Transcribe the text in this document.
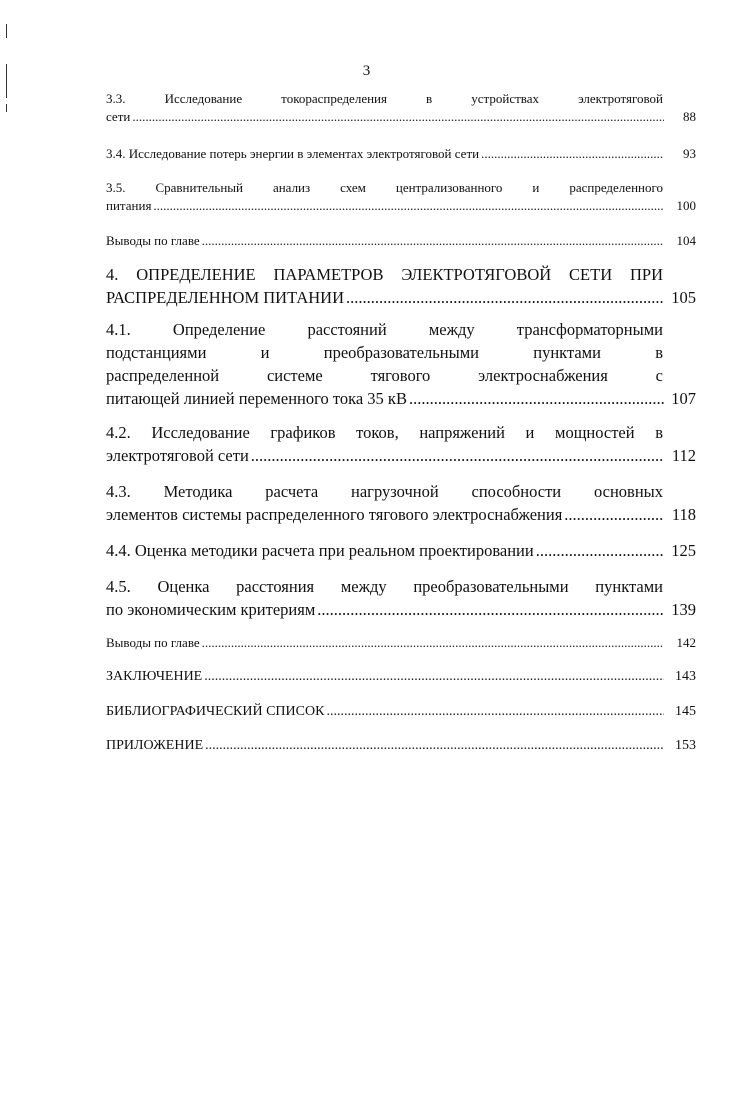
3
3.3. Исследование токораспределения в устройствах электротяговой
сети .....	88
3.4. Исследование потерь энергии в элементах электротяговой сети .....	93
3.5. Сравнительный анализ схем централизованного и распределенного
питания .....	100
Выводы по главе .....	104
4. ОПРЕДЕЛЕНИЕ ПАРАМЕТРОВ ЭЛЕКТРОТЯГОВОЙ СЕТИ ПРИ
РАСПРЕДЕЛЕННОМ ПИТАНИИ .....	105
4.1. Определение расстояний между трансформаторными
подстанциями и преобразовательными пунктами в
распределенной системе тягового электроснабжения с
питающей линией переменного тока 35 кВ .....	107
4.2. Исследование графиков токов, напряжений и мощностей в
электротяговой сети .....	112
4.3. Методика расчета нагрузочной способности основных
элементов системы распределенного тягового электроснабжения .....	118
4.4. Оценка методики расчета при реальном проектировании .....	125
4.5. Оценка расстояния между преобразовательными пунктами
по экономическим критериям .....	139
Выводы по главе .....	142
ЗАКЛЮЧЕНИЕ .....	143
БИБЛИОГРАФИЧЕСКИЙ СПИСОК .....	145
ПРИЛОЖЕНИЕ .....	153
